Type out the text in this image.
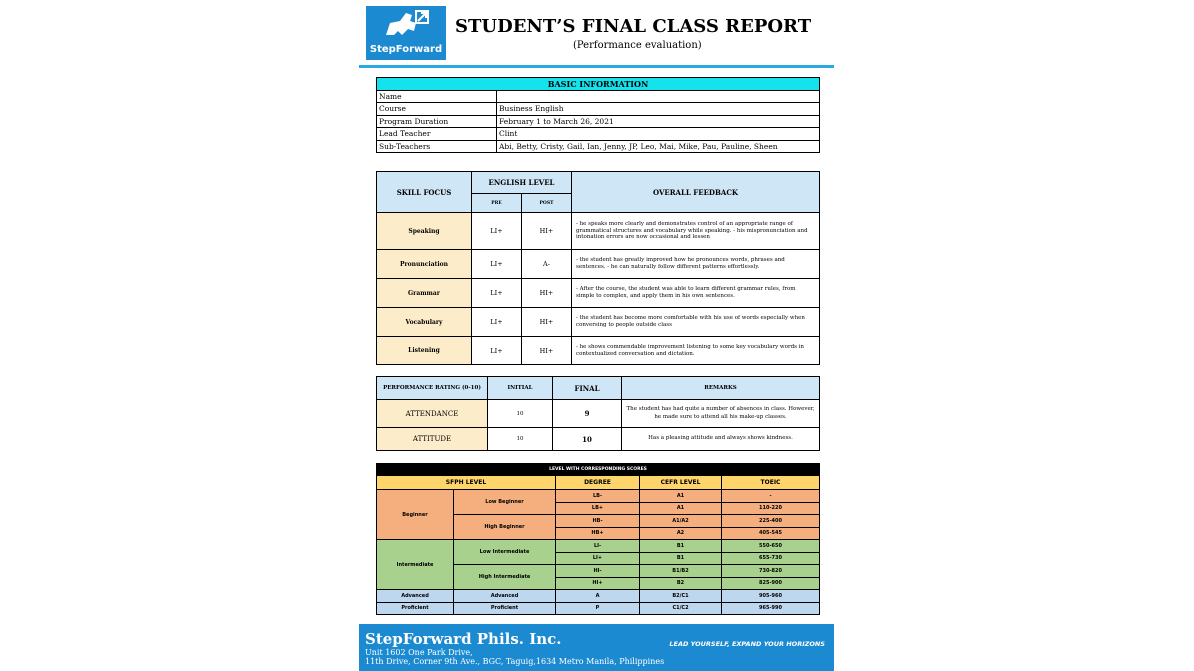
StepForward
STUDENT’S FINAL CLASS REPORT
(Performance evaluation)
BASIC INFORMATION	
Name	
Course	Business English
Program Duration	February 1 to March 26, 2021
Lead Teacher	Clint
Sub-Teachers	Abi, Betty, Cristy, Gail, Ian, Jenny, JP, Leo, Mai, Mike, Pau, Pauline, Sheen
SKILL FOCUS	ENGLISH LEVEL		OVERALL FEEDBACK
	PRE	POST	
Speaking	LI+	HI+	- he speaks more clearly and demonstrates control of an appropriate range of grammatical structures and vocabulary while speaking. - his mispronunciation and intonation errors are now occasional and lessen
Pronunciation	LI+	A-	- the student has greatly improved how he pronounces words, phrases and sentences. - he can naturally follow different patterns effortlessly.
Grammar	LI+	HI+	- After the course, the student was able to learn different grammar rules, from simple to complex, and apply them in his own sentences.
Vocabulary	LI+	HI+	- the student has become more comfortable with his use of words especially when conversing to people outside class
Listening	LI+	HI+	- he shows commendable improvement listening to some key vocabulary words in contextualized conversation and dictation.
PERFORMANCE RATING (0-10)	INITIAL	FINAL	REMARKS
ATTENDANCE	10	9	The student has had quite a number of absences in class. However, he made sure to attend all his make-up classes.
ATTITUDE	10	10	Has a pleasing attitude and always shows kindness.
LEVEL WITH CORRESPONDING SCORES				
SFPH LEVEL		DEGREE	CEFR LEVEL	TOEIC
Beginner	Low Beginner	LB-	A1	-
		LB+	A1	110-220
	High Beginner	HB-	A1/A2	225-400
		HB+	A2	405-545
Intermediate	Low Intermediate	LI-	B1	550-650
		LI+	B1	655-730
	High Intermediate	HI-	B1/B2	730-820
		HI+	B2	825-900
Advanced	Advanced	A	B2/C1	905-960
Proficient	Proficient	P	C1/C2	965-990
StepForward Phils. Inc.
Unit 1602 One Park Drive,
11th Drive, Corner 9th Ave., BGC, Taguig,1634 Metro Manila, Philippines
LEAD YOURSELF, EXPAND YOUR HORIZONS
